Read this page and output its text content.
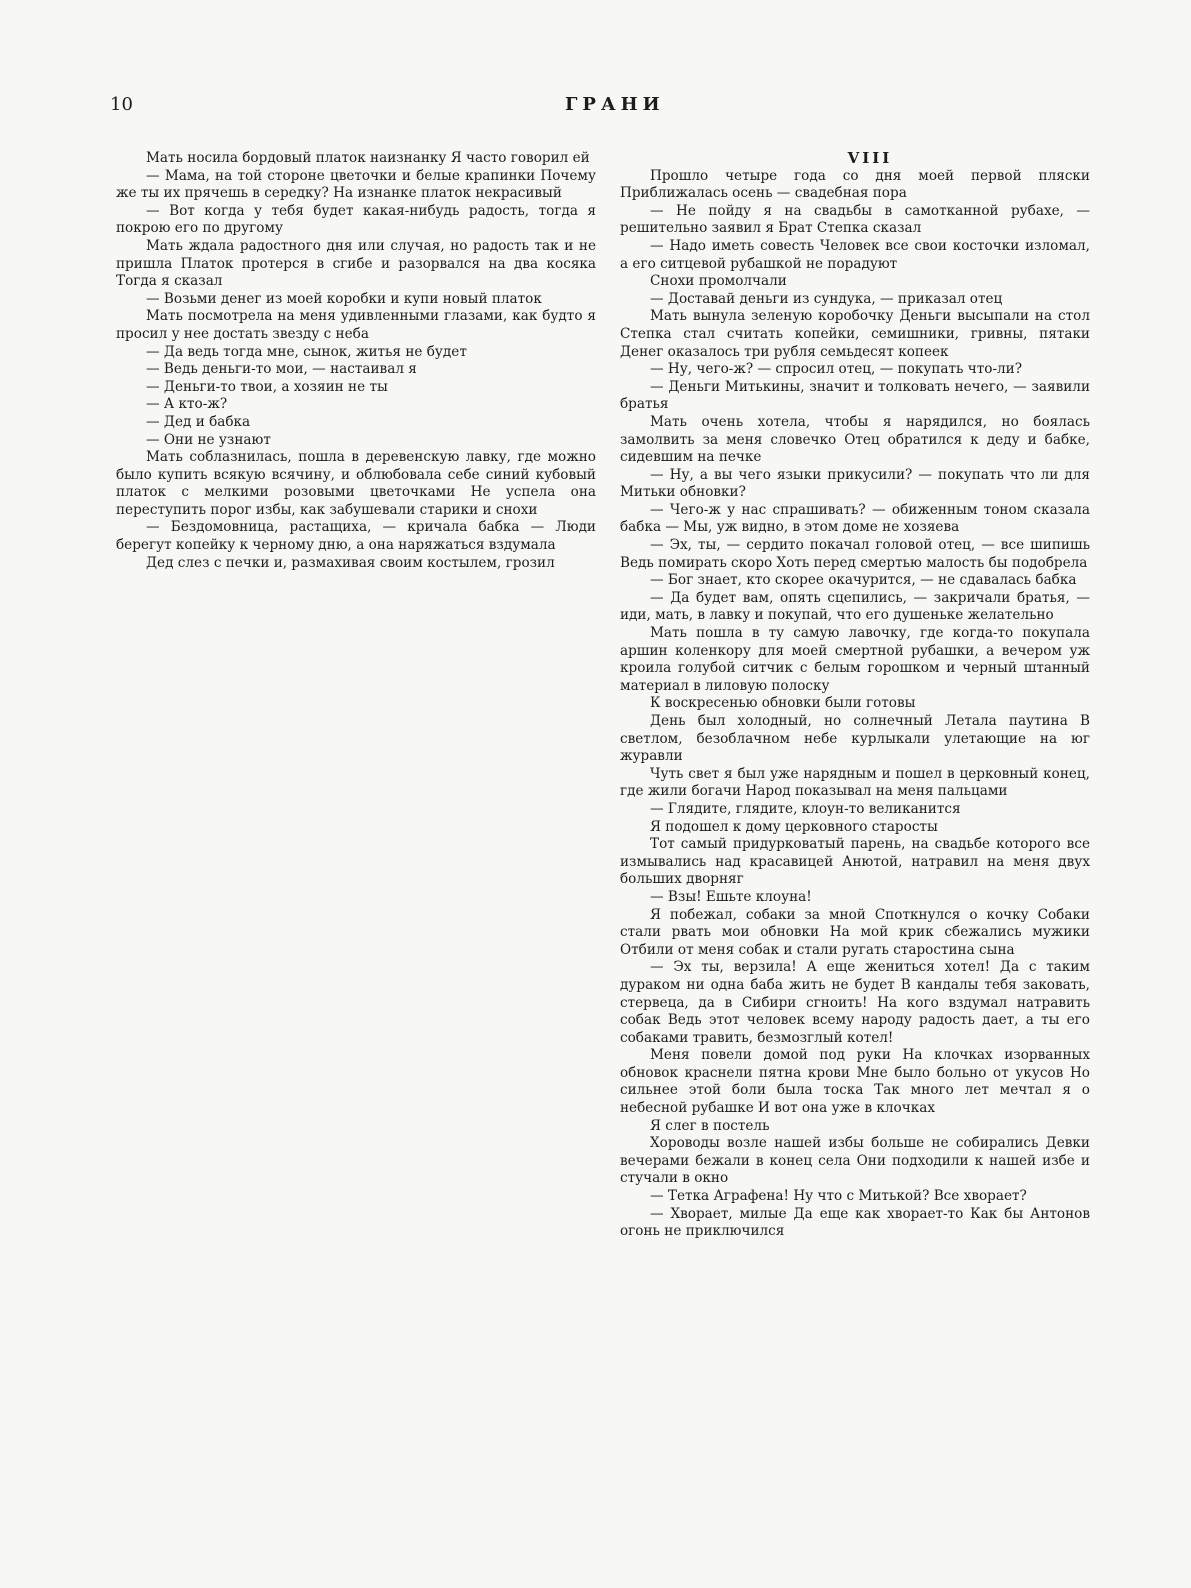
10	ГРАНИ

Мать носила бордовый платок наизнанку Я часто говорил ей

— Мама, на той стороне цветочки и белые крапинки Почему же ты их прячешь в середку? На изнанке платок некрасивый

— Вот когда у тебя будет какая-нибудь радость, тогда я покрою его по другому

Мать ждала радостного дня или случая, но радость так и не пришла Платок протерся в сгибе и разорвался на два косяка Тогда я сказал

— Возьми денег из моей коробки и купи новый платок

Мать посмотрела на меня удивленными глазами, как будто я просил у нее достать звезду с неба

— Да ведь тогда мне, сынок, житья не будет

— Ведь деньги-то мои, — настаивал я

— Деньги-то твои, а хозяин не ты

— А кто-ж?

— Дед и бабка

— Они не узнают

Мать соблазнилась, пошла в деревенскую лавку, где можно было купить всякую всячину, и облюбовала себе синий кубовый платок с мелкими розовыми цветочками Не успела она переступить порог избы, как забушевали старики и снохи

— Бездомовница, растащиха, — кричала бабка — Люди берегут копейку к черному дню, а она наряжаться вздумала

Дед слез с печки и, размахивая своим костылем, грозил

VIII

Прошло четыре года со дня моей первой пляски Приближалась осень — свадебная пора

— Не пойду я на свадьбы в самотканной рубахе, — решительно заявил я Брат Степка сказал

— Надо иметь совесть Человек все свои косточки изломал, а его ситцевой рубашкой не порадуют

Снохи промолчали

— Доставай деньги из сундука, — приказал отец

Мать вынула зеленую коробочку Деньги высыпали на стол Степка стал считать копейки, семишники, гривны, пятаки Денег оказалось три рубля семьдесят копеек

— Ну, чего-ж? — спросил отец, — покупать что-ли?

— Деньги Митькины, значит и толковать нечего, — заявили братья

Мать очень хотела, чтобы я нарядился, но боялась замолвить за меня словечко Отец обратился к деду и бабке, сидевшим на печке

— Ну, а вы чего языки прикусили? — покупать что ли для Митьки обновки?

— Чего-ж у нас спрашивать? — обиженным тоном сказала бабка — Мы, уж видно, в этом доме не хозяева

— Эх, ты, — сердито покачал головой отец, — все шипишь Ведь помирать скоро Хоть перед смертью малость бы подобрела

— Бог знает, кто скорее окачурится, — не сдавалась бабка

— Да будет вам, опять сцепились, — закричали братья, — иди, мать, в лавку и покупай, что его душеньке желательно

Мать пошла в ту самую лавочку, где когда-то покупала аршин коленкору для моей смертной рубашки, а вечером уж кроила голубой ситчик с белым горошком и черный штанный материал в лиловую полоску

К воскресенью обновки были готовы

День был холодный, но солнечный Летала паутина В светлом, безоблачном небе курлыкали улетающие на юг журавли

Чуть свет я был уже нарядным и пошел в церковный конец, где жили богачи Народ показывал на меня пальцами

— Глядите, глядите, клоун-то великанится

Я подошел к дому церковного старосты

Тот самый придурковатый парень, на свадьбе которого все измывались над красавицей Анютой, натравил на меня двух больших дворняг

— Взы! Ешьте клоуна!

Я побежал, собаки за мной Споткнулся о кочку Собаки стали рвать мои обновки На мой крик сбежались мужики Отбили от меня собак и стали ругать старостина сына

— Эх ты, верзила! А еще жениться хотел! Да с таким дураком ни одна баба жить не будет В кандалы тебя заковать, стервеца, да в Сибири сгноить! На кого вздумал натравить собак Ведь этот человек всему народу радость дает, а ты его собаками травить, безмозглый котел!

Меня повели домой под руки На клочках изорванных обновок краснели пятна крови Мне было больно от укусов Но сильнее этой боли была тоска Так много лет мечтал я о небесной рубашке И вот она уже в клочках

Я слег в постель

Хороводы возле нашей избы больше не собирались Девки вечерами бежали в конец села Они подходили к нашей избе и стучали в окно

— Тетка Аграфена! Ну что с Митькой? Все хворает?

— Хворает, милые Да еще как хворает-то Как бы Антонов огонь не приключился
